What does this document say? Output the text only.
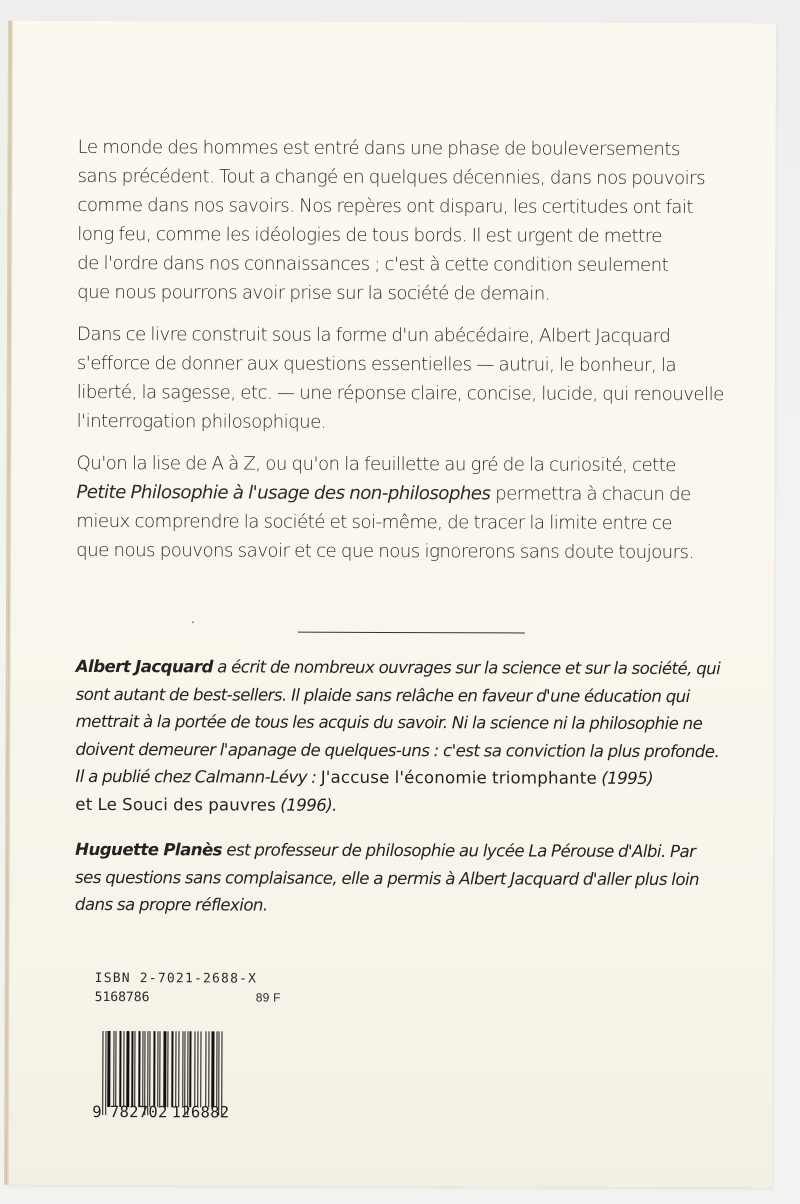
Le monde des hommes est entré dans une phase de bouleversements
sans précédent. Tout a changé en quelques décennies, dans nos pouvoirs
comme dans nos savoirs. Nos repères ont disparu, les certitudes ont fait
long feu, comme les idéologies de tous bords. Il est urgent de mettre
de l'ordre dans nos connaissances ; c'est à cette condition seulement
que nous pourrons avoir prise sur la société de demain.

Dans ce livre construit sous la forme d'un abécédaire, Albert Jacquard
s'efforce de donner aux questions essentielles — autrui, le bonheur, la
liberté, la sagesse, etc. — une réponse claire, concise, lucide, qui renouvelle
l'interrogation philosophique.

Qu'on la lise de A à Z, ou qu'on la feuillette au gré de la curiosité, cette
Petite Philosophie à l'usage des non-philosophes permettra à chacun de
mieux comprendre la société et soi-même, de tracer la limite entre ce
que nous pouvons savoir et ce que nous ignorerons sans doute toujours.

Albert Jacquard a écrit de nombreux ouvrages sur la science et sur la société, qui
sont autant de best-sellers. Il plaide sans relâche en faveur d'une éducation qui
mettrait à la portée de tous les acquis du savoir. Ni la science ni la philosophie ne
doivent demeurer l'apanage de quelques-uns : c'est sa conviction la plus profonde.
Il a publié chez Calmann-Lévy : J'accuse l'économie triomphante (1995)
et Le Souci des pauvres (1996).

Huguette Planès est professeur de philosophie au lycée La Pérouse d'Albi. Par
ses questions sans complaisance, elle a permis à Albert Jacquard d'aller plus loin
dans sa propre réflexion.

ISBN 2-7021-2688-X
5168786	89 F
9 782702 126882
